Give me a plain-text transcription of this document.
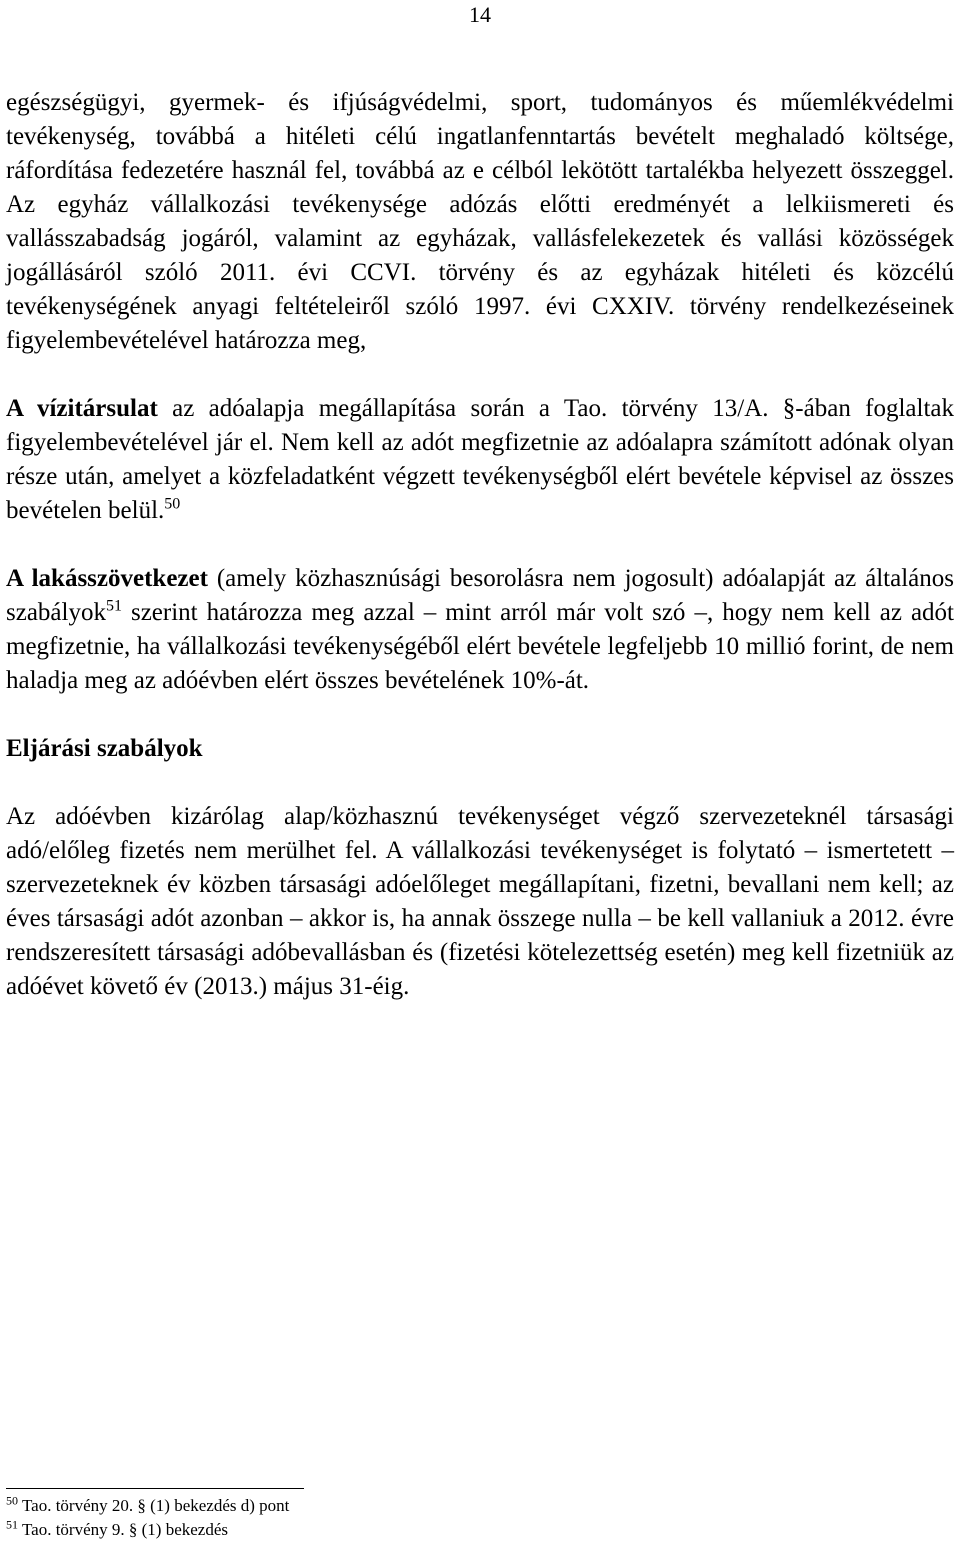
14

egészségügyi, gyermek- és ifjúságvédelmi, sport, tudományos és műemlékvédelmi tevékenység, továbbá a hitéleti célú ingatlanfenntartás bevételt meghaladó költsége, ráfordítása fedezetére használ fel, továbbá az e célból lekötött tartalékba helyezett összeggel. Az egyház vállalkozási tevékenysége adózás előtti eredményét a lelkiismereti és vallásszabadság jogáról, valamint az egyházak, vallásfelekezetek és vallási közösségek jogállásáról szóló 2011. évi CCVI. törvény és az egyházak hitéleti és közcélú tevékenységének anyagi feltételeiről szóló 1997. évi CXXIV. törvény rendelkezéseinek figyelembevételével határozza meg,

A vízitársulat az adóalapja megállapítása során a Tao. törvény 13/A. §-ában foglaltak figyelembevételével jár el. Nem kell az adót megfizetnie az adóalapra számított adónak olyan része után, amelyet a közfeladatként végzett tevékenységből elért bevétele képvisel az összes bevételen belül.$^{50}$

A lakásszövetkezet (amely közhasznúsági besorolásra nem jogosult) adóalapját az általános szabályok$^{51}$ szerint határozza meg azzal – mint arról már volt szó –, hogy nem kell az adót megfizetnie, ha vállalkozási tevékenységéből elért bevétele legfeljebb 10 millió forint, de nem haladja meg az adóévben elért összes bevételének 10%-át.

Eljárási szabályok

Az adóévben kizárólag alap/közhasznú tevékenységet végző szervezeteknél társasági adó/előleg fizetés nem merülhet fel. A vállalkozási tevékenységet is folytató – ismertetett – szervezeteknek év közben társasági adóelőleget megállapítani, fizetni, bevallani nem kell; az éves társasági adót azonban – akkor is, ha annak összege nulla – be kell vallaniuk a 2012. évre rendszeresített társasági adóbevallásban és (fizetési kötelezettség esetén) meg kell fizetniük az adóévet követő év (2013.) május 31-éig.

$^{50}$ Tao. törvény 20. § (1) bekezdés d) pont

$^{51}$ Tao. törvény 9. § (1) bekezdés
